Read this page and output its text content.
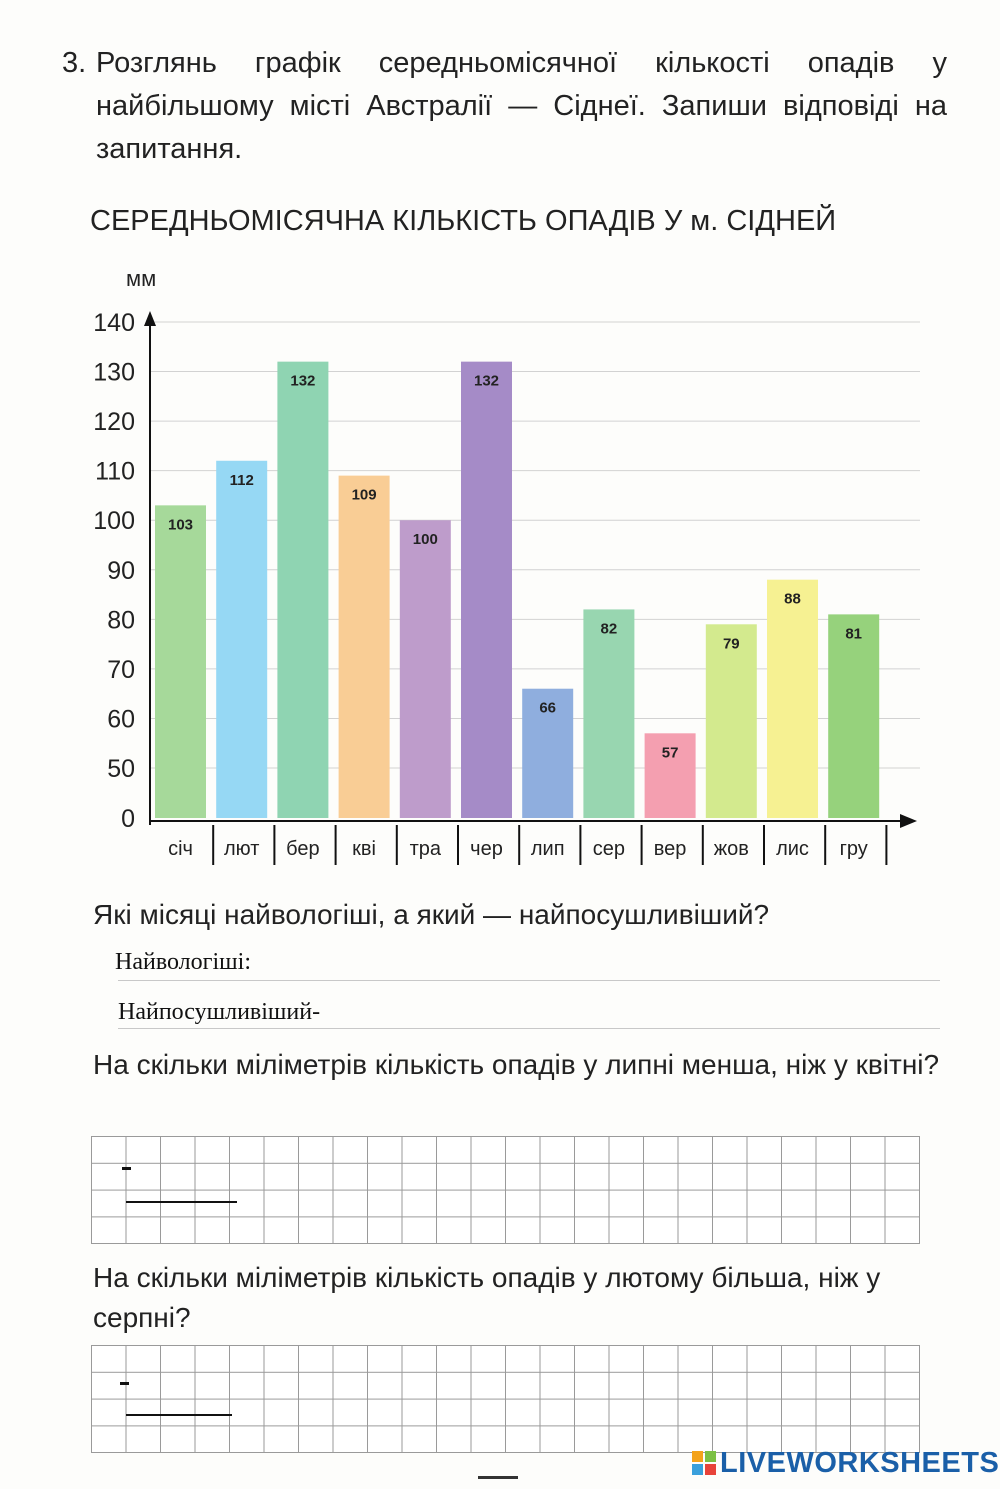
3. Розглянь графік середньомісячної кількості опадів у найбільшому місті Австралії — Сіднеї. Запиши відповіді на запитання.
СЕРЕДНЬОМІСЯЧНА КІЛЬКІСТЬ ОПАДІВ У м. СІДНЕЙ
103
112
132
109
100
132
66
82
57
79
88
81
0
50
60
70
80
90
100
110
120
130
140
мм
січ лют бер кві тра чер лип сер вер жов лис гру
Які місяці найвологіші, а який — найпосушливіший?
Найвологіші:
Найпосушливіший-
На скільки міліметрів кількість опадів у липні менша, ніж у квітні?
На скільки міліметрів кількість опадів у лютому більша, ніж у серпні?
LIVEWORKSHEETS
